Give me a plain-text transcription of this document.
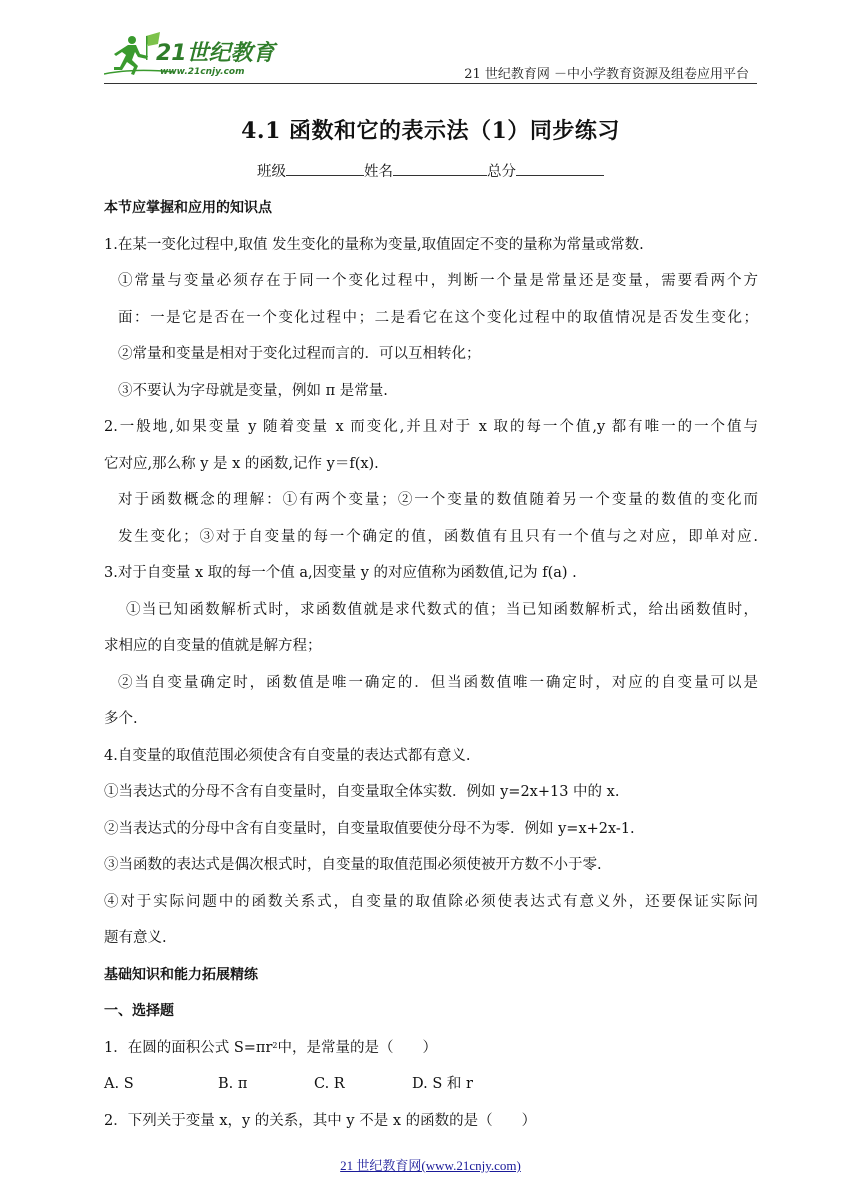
21世纪教育
www.21cnjy.com	21 世纪教育网 －中小学教育资源及组卷应用平台
4.1 函数和它的表示法（1）同步练习
班级	姓名	总分
本节应掌握和应用的知识点
1.在某一变化过程中,取值 发生变化的量称为变量,取值固定不变的量称为常量或常数.
①常量与变量必须存在于同一个变化过程中，判断一个量是常量还是变量，需要看两个方
面：一是它是否在一个变化过程中；二是看它在这个变化过程中的取值情况是否发生变化；
②常量和变量是相对于变化过程而言的．可以互相转化；
③不要认为字母就是变量，例如 π 是常量.
2.一般地,如果变量 y 随着变量 x 而变化,并且对于 x 取的每一个值,y 都有唯一的一个值与
它对应,那么称 y 是 x 的函数,记作 y＝f(x).
对于函数概念的理解：①有两个变量；②一个变量的数值随着另一个变量的数值的变化而
发生变化；③对于自变量的每一个确定的值，函数值有且只有一个值与之对应，即单对应.
3.对于自变量 x 取的每一个值 a,因变量 y 的对应值称为函数值,记为 f(a) .
①当已知函数解析式时，求函数值就是求代数式的值；当已知函数解析式，给出函数值时，
求相应的自变量的值就是解方程；
②当自变量确定时，函数值是唯一确定的．但当函数值唯一确定时，对应的自变量可以是
多个.
4.自变量的取值范围必须使含有自变量的表达式都有意义.
①当表达式的分母不含有自变量时，自变量取全体实数．例如 y=2x+13 中的 x.
②当表达式的分母中含有自变量时，自变量取值要使分母不为零．例如 y=x+2x-1.
③当函数的表达式是偶次根式时，自变量的取值范围必须使被开方数不小于零.
④对于实际问题中的函数关系式，自变量的取值除必须使表达式有意义外，还要保证实际问
题有意义.
基础知识和能力拓展精练
一、选择题
1．在圆的面积公式 $S=\pi r^2$中，是常量的是（　　）
A. S	B. π	C. R	D. S 和 r
2．下列关于变量 x，y 的关系，其中 y 不是 x 的函数的是（　　）
21 世纪教育网(www.21cnjy.com)
